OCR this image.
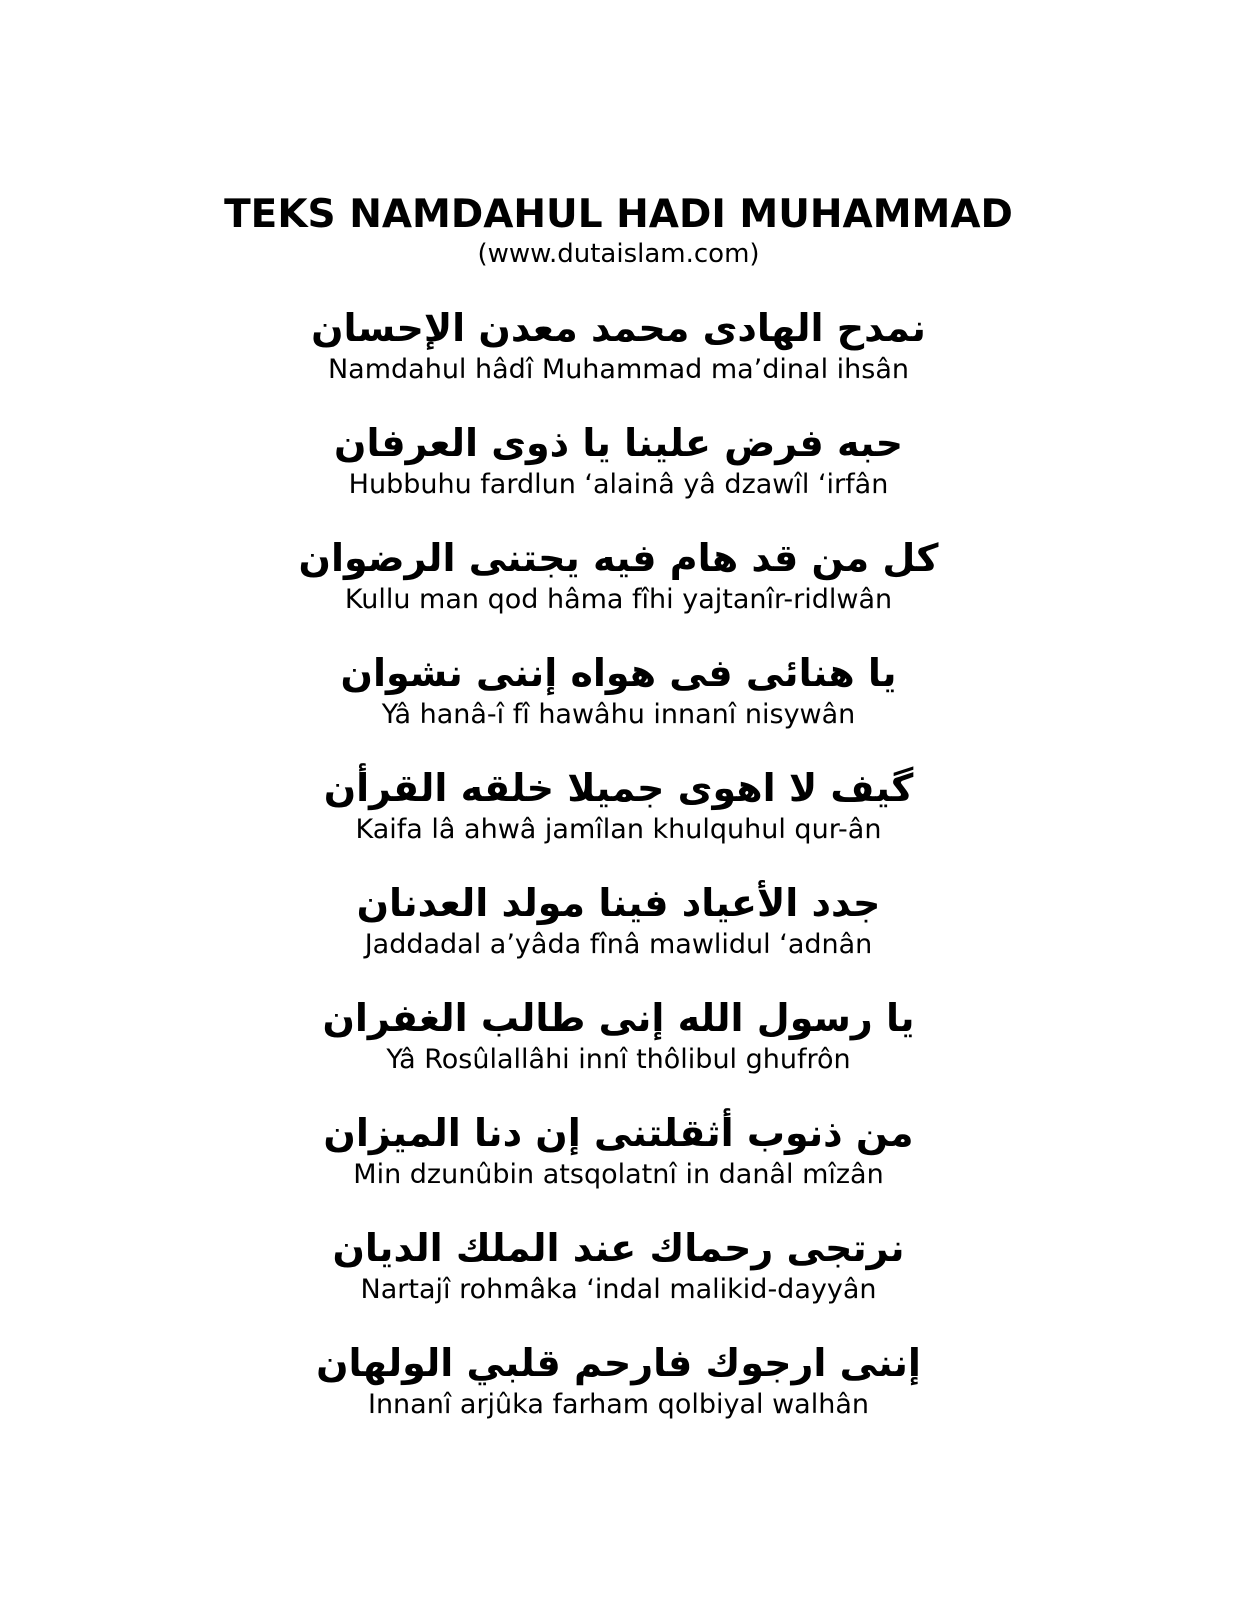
TEKS NAMDAHUL HADI MUHAMMAD
(www.dutaislam.com)
نمدح الهادى محمد معدن الإحسان
Namdahul hâdî Muhammad ma’dinal ihsân
حبه فرض علينا يا ذوى العرفان
Hubbuhu fardlun ‘alainâ yâ dzawîl ‘irfân
كل من قد هام فيه يجتنى الرضوان
Kullu man qod hâma fîhi yajtanîr-ridlwân
يا هنائى فى هواه إننى نشوان
Yâ hanâ-î fî hawâhu innanî nisywân
گيف لا اهوى جميلا خلقه القرأن
Kaifa lâ ahwâ jamîlan khulquhul qur-ân
جدد الأعياد فينا مولد العدنان
Jaddadal a’yâda fînâ mawlidul ‘adnân
يا رسول الله إنى طالب الغفران
Yâ Rosûlallâhi innî thôlibul ghufrôn
من ذنوب أثقلتنى إن دنا الميزان
Min dzunûbin atsqolatnî in danâl mîzân
نرتجى رحماك عند الملك الديان
Nartajî rohmâka ‘indal malikid-dayyân
إننى ارجوك فارحم قلبي الولهان
Innanî arjûka farham qolbiyal walhân
